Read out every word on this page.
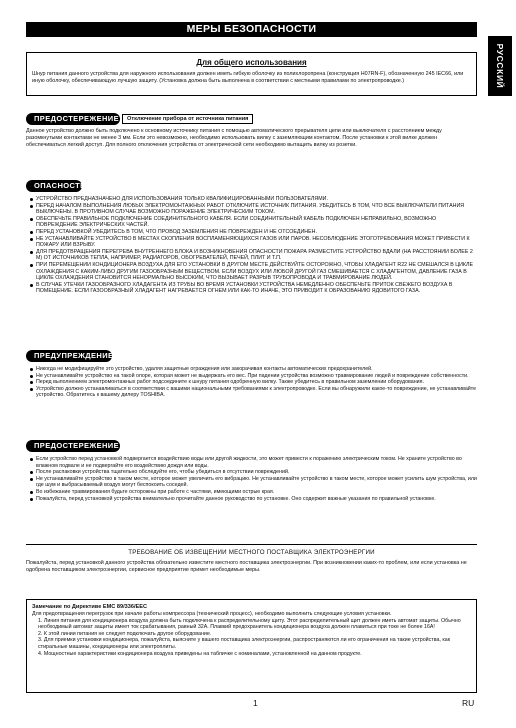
МЕРЫ БЕЗОПАСНОСТИ
РУССКИЙ
Для общего использования
Шнур питания данного устройства для наружного использования должен иметь гибкую оболочку из полихлоропрена (конструкция H07RN-F), обозначенную 245 IEC66, или иную оболочку, обеспечивающую лучшую защиту. (Установка должна быть выполнена в соответствии с местными правилами по электропроводке.)
ПРЕДОСТЕРЕЖЕНИЕ	Отключение прибора от источника питания
Данное устройство должно быть подключено к основному источнику питания с помощью автоматического прерывателя цепи или выключателя с расстоянием между разомкнутыми контактами не менее 3 мм. Если это невозможно, необходимо использовать вилку с заземляющим контактом. После установки к этой вилке должен обеспечиваться легкий доступ. Для полного отключения устройства от электрической сети необходимо вытащить вилку из розетки.
ОПАСНОСТЬ
УСТРОЙСТВО ПРЕДНАЗНАЧЕНО ДЛЯ ИСПОЛЬЗОВАНИЯ ТОЛЬКО КВАЛИФИЦИРОВАННЫМИ ПОЛЬЗОВАТЕЛЯМИ.
ПЕРЕД НАЧАЛОМ ВЫПОЛНЕНИЯ ЛЮБЫХ ЭЛЕКТРОМОНТАЖНЫХ РАБОТ ОТКЛЮЧИТЕ ИСТОЧНИК ПИТАНИЯ. УБЕДИТЕСЬ В ТОМ, ЧТО ВСЕ ВЫКЛЮЧАТЕЛИ ПИТАНИЯ ВЫКЛЮЧЕНЫ. В ПРОТИВНОМ СЛУЧАЕ ВОЗМОЖНО ПОРАЖЕНИЕ ЭЛЕКТРИЧЕСКИМ ТОКОМ.
ОБЕСПЕЧЬТЕ ПРАВИЛЬНОЕ ПОДКЛЮЧЕНИЕ СОЕДИНИТЕЛЬНОГО КАБЕЛЯ. ЕСЛИ СОЕДИНИТЕЛЬНЫЙ КАБЕЛЬ ПОДКЛЮЧЕН НЕПРАВИЛЬНО, ВОЗМОЖНО ПОВРЕЖДЕНИЕ ЭЛЕКТРИЧЕСКИХ ЧАСТЕЙ.
ПЕРЕД УСТАНОВКОЙ УБЕДИТЕСЬ В ТОМ, ЧТО ПРОВОД ЗАЗЕМЛЕНИЯ НЕ ПОВРЕЖДЕН И НЕ ОТСОЕДИНЕН.
НЕ УСТАНАВЛИВАЙТЕ УСТРОЙСТВО В МЕСТАХ СКОПЛЕНИЯ ВОСПЛАМЕНЯЮЩИХСЯ ГАЗОВ ИЛИ ПАРОВ. НЕСОБЛЮДЕНИЕ ЭТОГОТРЕБОВАНИЯ МОЖЕТ ПРИВЕСТИ К ПОЖАРУ ИЛИ ВЗРЫВУ.
ДЛЯ ПРЕДОТВРАЩЕНИЯ ПЕРЕГРЕВА ВНУТРЕННЕГО БЛОКА И ВОЗНИКНОВЕНИЯ ОПАСНОСТИ ПОЖАРА РАЗМЕСТИТЕ УСТРОЙСТВО ВДАЛИ (НА РАССТОЯНИИ БОЛЕЕ 2 М) ОТ ИСТОЧНИКОВ ТЕПЛА, НАПРИМЕР, РАДИАТОРОВ, ОБОГРЕВАТЕЛЕЙ, ПЕЧЕЙ, ПЛИТ И Т.П.
ПРИ ПЕРЕМЕЩЕНИИ КОНДИЦИОНЕРА ВОЗДУХА ДЛЯ ЕГО УСТАНОВКИ В ДРУГОМ МЕСТЕ ДЕЙСТВУЙТЕ ОСТОРОЖНО, ЧТОБЫ ХЛАДАГЕНТ R22 НЕ СМЕШАЛСЯ В ЦИКЛЕ ОХЛАЖДЕНИЯ С КАКИМ-ЛИБО ДРУГИМ ГАЗООБРАЗНЫМ ВЕЩЕСТВОМ. ЕСЛИ ВОЗДУХ ИЛИ ЛЮБОЙ ДРУГОЙ ГАЗ СМЕШИВАЕТСЯ С ХЛАДАГЕНТОМ, ДАВЛЕНИЕ ГАЗА В ЦИКЛЕ ОХЛАЖДЕНИЯ СТАНОВИТСЯ НЕНОРМАЛЬНО ВЫСОКИМ, ЧТО ВЫЗЫВАЕТ РАЗРЫВ ТРУБОПРОВОДА И ТРАВМИРОВАНИЕ ЛЮДЕЙ.
В СЛУЧАЕ УТЕЧКИ ГАЗООБРАЗНОГО ХЛАДАГЕНТА ИЗ ТРУБЫ ВО ВРЕМЯ УСТАНОВКИ УСТРОЙСТВА НЕМЕДЛЕННО ОБЕСПЕЧЬТЕ ПРИТОК СВЕЖЕГО ВОЗДУХА В ПОМЕЩЕНИЕ. ЕСЛИ ГАЗООБРАЗНЫЙ ХЛАДАГЕНТ НАГРЕВАЕТСЯ ОГНЕМ ИЛИ КАК-ТО ИНАЧЕ, ЭТО ПРИВОДИТ К ОБРАЗОВАНИЮ ЯДОВИТОГО ГАЗА.
ПРЕДУПРЕЖДЕНИЕ
Никогда не модифицируйте это устройство, удаляя защитные ограждения или закорачивая контакты автоматических предохранителей.
Не устанавливайте устройство на такой опоре, которая может не выдержать его вес. При падении устройства возможно травмирование людей и повреждение собственности.
Перед выполнением электромонтажных работ подсоедините к шнуру питания одобренную вилку. Также убедитесь в правильном заземлении оборудования.
Устройство должно устанавливаться в соответствии с вашими национальными требованиями к электропроводке. Если вы обнаружили какое-то повреждение, не устанавливайте устройство. Обратитесь к вашему дилеру TOSHIBA.
ПРЕДОСТЕРЕЖЕНИЕ
Если устройство перед установкой подвергается воздействию воды или другой жидкости, это может привести к поражению электрическим током. Не храните устройство во влажном подвале и не подвергайте его воздействию дождя или воды.
После распаковки устройства тщательно обследуйте его, чтобы убедиться в отсутствии повреждений.
Не устанавливайте устройство в таком месте, которое может увеличить его вибрацию. Не устанавливайте устройство в таком месте, которое может усилить шум устройства, или где шум и выбрасываемый воздух могут беспокоить соседей.
Во избежание травмирования будьте осторожны при работе с частями, имеющими острые края.
Пожалуйста, перед установкой устройства внимательно прочитайте данное руководство по установке. Оно содержит важные указания по правильной установке.
ТРЕБОВАНИЕ ОБ ИЗВЕЩЕНИИ МЕСТНОГО ПОСТАВЩИКА ЭЛЕКТРОЭНЕРГИИ
Пожалуйста, перед установкой данного устройства обязательно известите местного поставщика электроэнергии. При возникновении каких-то проблем, или если установка не одобрена поставщиком электроэнергии, сервисное предприятие примет необходимые меры.
Замечание по Директиве EMC 89/336/EEC

Для предотвращения перегрузок при начале работы компрессора (технический процесс), необходимо выполнить следующие условия установки.

1. Линия питания для кондиционера воздуха должна быть подключена к распределительному щиту. Этот распределительный щит должен иметь автомат защиты. Обычно необходимый автомат защиты имеет ток срабатывания, равный 32А. Плавкий предохранитель кондиционера воздуха должен плавиться при токе не более 16А!

2. К этой линии питания не следует подключать другое оборудование.

3. Для приемки установки кондиционера, пожалуйста, выясните у вашего поставщика электроэнергии, распространяются ли его ограничения на такие устройства, как стиральные машины, кондиционеры или электроплиты.

4. Мощностные характеристики кондиционера воздуха приведены на табличке с номиналами, установленной на данном продукте.

1	RU
